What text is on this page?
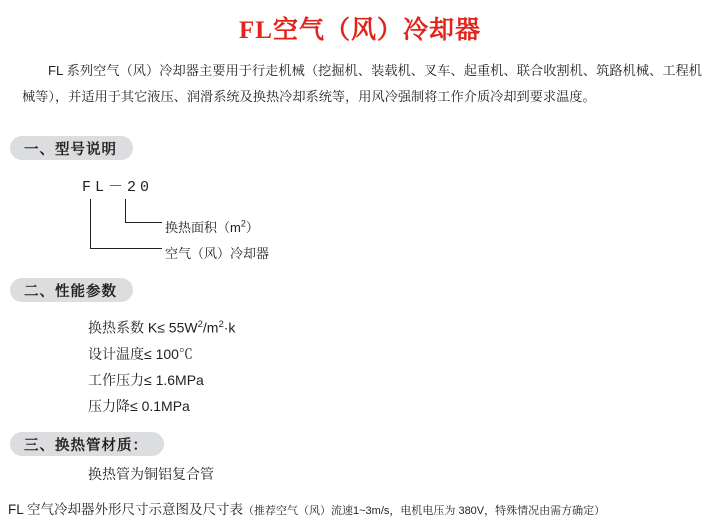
FL空气（风）冷却器
FL 系列空气（风）冷却器主要用于行走机械（挖掘机、装载机、叉车、起重机、联合收割机、筑路机械、工程机械等），并适用于其它液压、润滑系统及换热冷却系统等，用风冷强制将工作介质冷却到要求温度。
一、型号说明
FL－20
换热面积$(m^2)$
空气（风）冷却器
二、性能参数
换热系数 $K\le 55W^2/m^2\cdot k$
设计温度≤ 100℃
工作压力≤ 1.6MPa
压力降≤ 0.1MPa
三、换热管材质：
换热管为铜铝复合管
FL 空气冷却器外形尺寸示意图及尺寸表（推荐空气（风）流速1~3m/s，电机电压为 380V，特殊情况由需方确定）
